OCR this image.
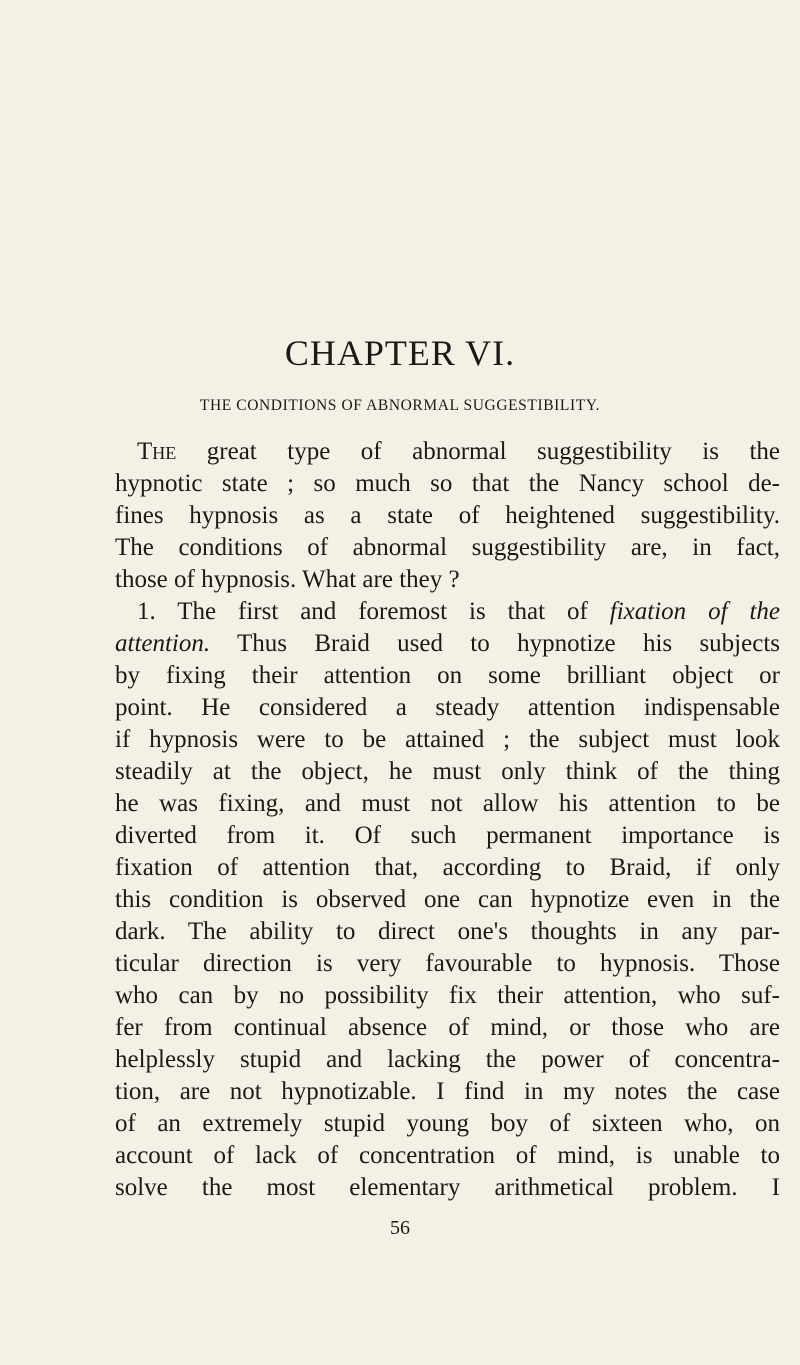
CHAPTER VI.
THE CONDITIONS OF ABNORMAL SUGGESTIBILITY.
The great type of abnormal suggestibility is the
hypnotic state ; so much so that the Nancy school de-
fines hypnosis as a state of heightened suggestibility.
The conditions of abnormal suggestibility are, in fact,
those of hypnosis. What are they ?
1. The first and foremost is that of fixation of the
attention. Thus Braid used to hypnotize his subjects
by fixing their attention on some brilliant object or
point. He considered a steady attention indispensable
if hypnosis were to be attained ; the subject must look
steadily at the object, he must only think of the thing
he was fixing, and must not allow his attention to be
diverted from it. Of such permanent importance is
fixation of attention that, according to Braid, if only
this condition is observed one can hypnotize even in the
dark. The ability to direct one's thoughts in any par-
ticular direction is very favourable to hypnosis. Those
who can by no possibility fix their attention, who suf-
fer from continual absence of mind, or those who are
helplessly stupid and lacking the power of concentra-
tion, are not hypnotizable. I find in my notes the case
of an extremely stupid young boy of sixteen who, on
account of lack of concentration of mind, is unable to
solve the most elementary arithmetical problem. I
56
